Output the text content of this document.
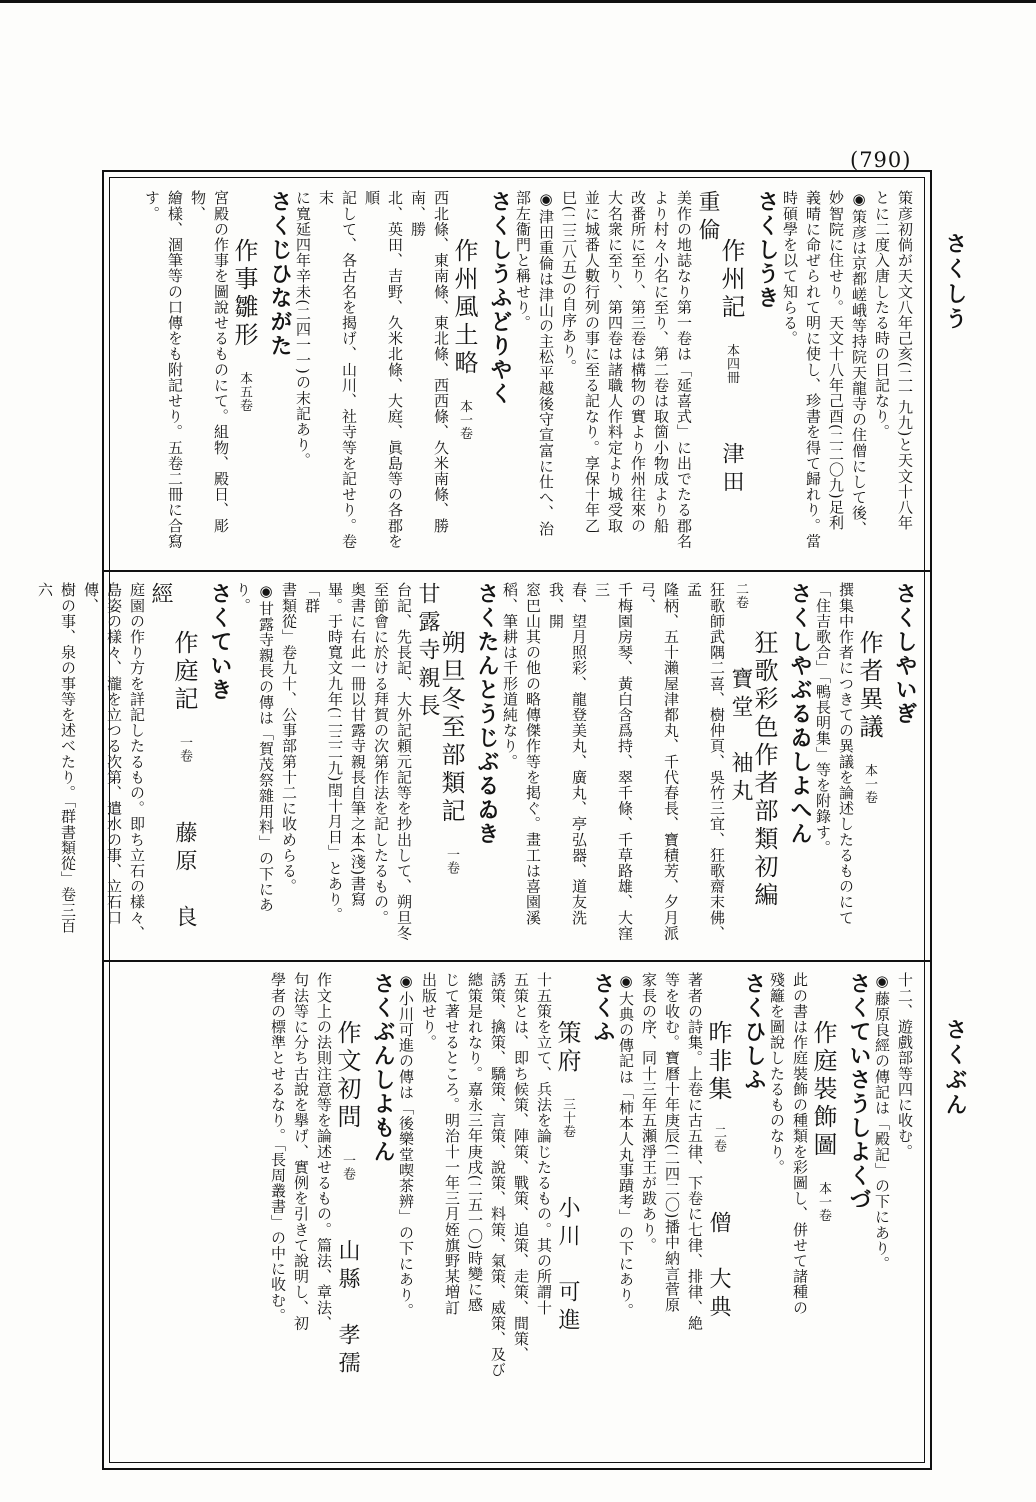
(790)
さくしう
さくぶん
策彦初倘が天文八年己亥(二一九九)と天文十八年
とに二度入唐したる時の日記なり。
◉策彦は京都嵯峨等持院天龍寺の住僧にして後、
妙智院に住せり。天文十八年己酉(二二〇九)足利
義晴に命ぜられて明に使し、珍書を得て歸れり。當
時碩學を以て知らる。
さくしうき
作州記　本四冊　津田　重倫
美作の地誌なり第一卷は「延喜式」に出でたる郡名
より村々小名に至り、第二卷は取箇小物成より船
改番所に至り、第三卷は構物の實より作州往來の
大名衆に至り、第四卷は諸職人作料定より城受取
並に城番人數行列の事に至る記なり。享保十年乙
巳(二三八五)の自序あり。
◉津田重倫は津山の主松平越後守宣富に仕へ、治
部左衞門と稱せり。
さくしうふどりやく
作州風土略　本一卷
西北條、東南條、東北條、西西條、久米南條、勝南、勝
北、英田、吉野、久米北條、大庭、眞島等の各郡を順
記して、各古名を揭げ、山川、社寺等を記せり。卷末
に寬延四年辛未(二四一一)の末記あり。
さくじひながた
作事雛形　本五卷
宮殿の作事を圖說せるものにて。組物、殿日、彫物、
繪樣、涸筆等の口傳をも附記せり。五卷二冊に合寫
す。
さくしやいぎ
作者異議　本一卷
撰集中作者につきての異議を論述したるものにて
「住吉歌合」「鴨長明集」等を附錄す。
さくしやぶるゐしよへん
狂歌彩色作者部類初編　二卷　寶堂　袖丸
狂歌師武隅二喜、樹仲頁、吳竹三宜、狂歌齋末佛、孟
隆柄、五十瀨屋津都丸、千代春長、寶積芳、夕月派弓、
千梅園房琴、黃白含爲持、翠千條、千草路雄、大窪三
春、望月照彩、龍登美丸、廣丸、亭弘器、道友洗我、開
窓巴山其の他の略傳傑作等を掲ぐ。畫工は喜園溪
稻、筆耕は千形道純なり。
さくたんとうじぶるゐき
朔旦冬至部類記　一卷　甘露寺親長
台記、先長記、大外記頼元記等を抄出して、朔旦冬
至節會に於ける拜賀の次第作法を記したるもの。
奥書に右此一冊以甘露寺親長自筆之本(淺)書寫
畢。于時寬文九年(二三二九)閏十月日」とあり。「群
書類從」卷九十、公事部第十二に收めらる。
◉甘露寺親長の傳は「賀茂祭雜用料」の下にあり。
さくていき
作庭記　一卷　藤原　良經
庭園の作り方を詳記したるもの。即ち立石の樣々、
島姿の樣々、瀧を立つる次第、遣水の事、立石口傳、
樹の事、泉の事等を述べたり。「群書類從」卷三百六
十二、遊戲部等四に收む。
◉藤原良經の傳記は「殿記」の下にあり。
さくていさうしよくづ
作庭裝飾圖　本一卷
此の書は作庭裝飾の種類を彩圖し、併せて諸種の
殘籬を圖說したるものなり。
さくひしふ
昨非集　二卷　僧　大典
著者の詩集。上卷に古五律、下卷に七律、排律、絶
等を收む。寶曆十年庚辰(二四二〇)播中納言菅原
家長の序、同十三年五瀬淨王が跋あり。
◉大典の傳記は「柿本人丸事蹟考」の下にあり。
さくふ
策府　三十卷　小川　可進
十五策を立て、兵法を論じたるもの。其の所謂十
五策とは、即ち候策、陣策、戰策、追策、走策、間策、
誘策、擒策、驕策、言策、說策、料策、氣策、威策、及び
總策是れなり。嘉永三年庚戌(二五一〇)時變に感
じて著せるところ。明治十一年三月姪旗野某増訂
出版せり。
◉小川可進の傳は「後樂堂喫茶辨」の下にあり。
さくぶんしよもん
作文初問　一卷　山縣　孝孺
作文上の法則注意等を論述せるもの。篇法、章法、
句法等に分ち古說を擧げ、實例を引きて說明し、初
學者の標準とせるなり。「長周叢書」の中に收む。
